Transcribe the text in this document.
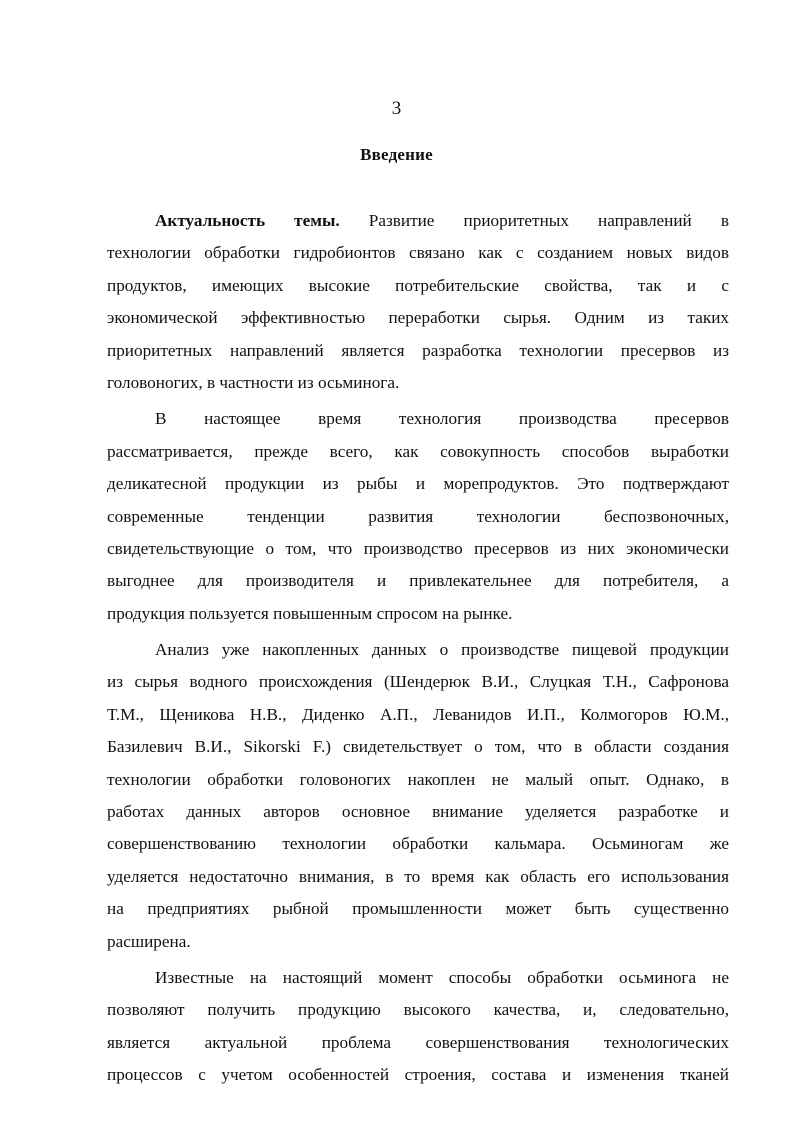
3
Введение
Актуальность темы. Развитие приоритетных направлений в
технологии обработки гидробионтов связано как с созданием новых видов
продуктов, имеющих высокие потребительские свойства, так и с
экономической эффективностью переработки сырья. Одним из таких
приоритетных направлений является разработка технологии пресервов из
головоногих, в частности из осьминога.
В настоящее время технология производства пресервов
рассматривается, прежде всего, как совокупность способов выработки
деликатесной продукции из рыбы и морепродуктов. Это подтверждают
современные тенденции развития технологии беспозвоночных,
свидетельствующие о том, что производство пресервов из них экономически
выгоднее для производителя и привлекательнее для потребителя, а
продукция пользуется повышенным спросом на рынке.
Анализ уже накопленных данных о производстве пищевой продукции
из сырья водного происхождения (Шендерюк В.И., Слуцкая Т.Н., Сафронова
Т.М., Щеникова Н.В., Диденко А.П., Леванидов И.П., Колмогоров Ю.М.,
Базилевич В.И., Sikorski F.) свидетельствует о том, что в области создания
технологии обработки головоногих накоплен не малый опыт. Однако, в
работах данных авторов основное внимание уделяется разработке и
совершенствованию технологии обработки кальмара. Осьминогам же
уделяется недостаточно внимания, в то время как область его использования
на предприятиях рыбной промышленности может быть существенно
расширена.
Известные на настоящий момент способы обработки осьминога не
позволяют получить продукцию высокого качества, и, следовательно,
является актуальной проблема совершенствования технологических
процессов с учетом особенностей строения, состава и изменения тканей
